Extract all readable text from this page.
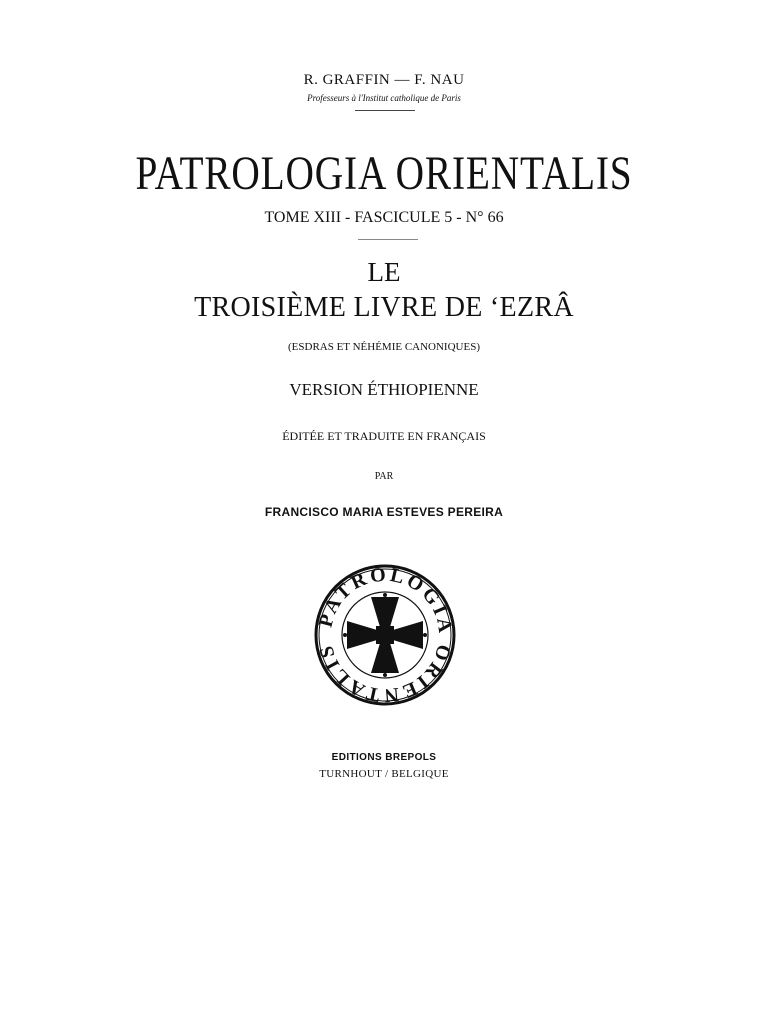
R. GRAFFIN — F. NAU
Professeurs à l'Institut catholique de Paris
PATROLOGIA ORIENTALIS
TOME XIII - FASCICULE 5 - N° 66
LE
TROISIÈME LIVRE DE ‘EZRÂ
(ESDRAS ET NÉHÉMIE CANONIQUES)
VERSION ÉTHIOPIENNE
ÉDITÉE ET TRADUITE EN FRANÇAIS
PAR
FRANCISCO MARIA ESTEVES PEREIRA
PATROLOGIA ORIENTALIS
EDITIONS BREPOLS
TURNHOUT / BELGIQUE
